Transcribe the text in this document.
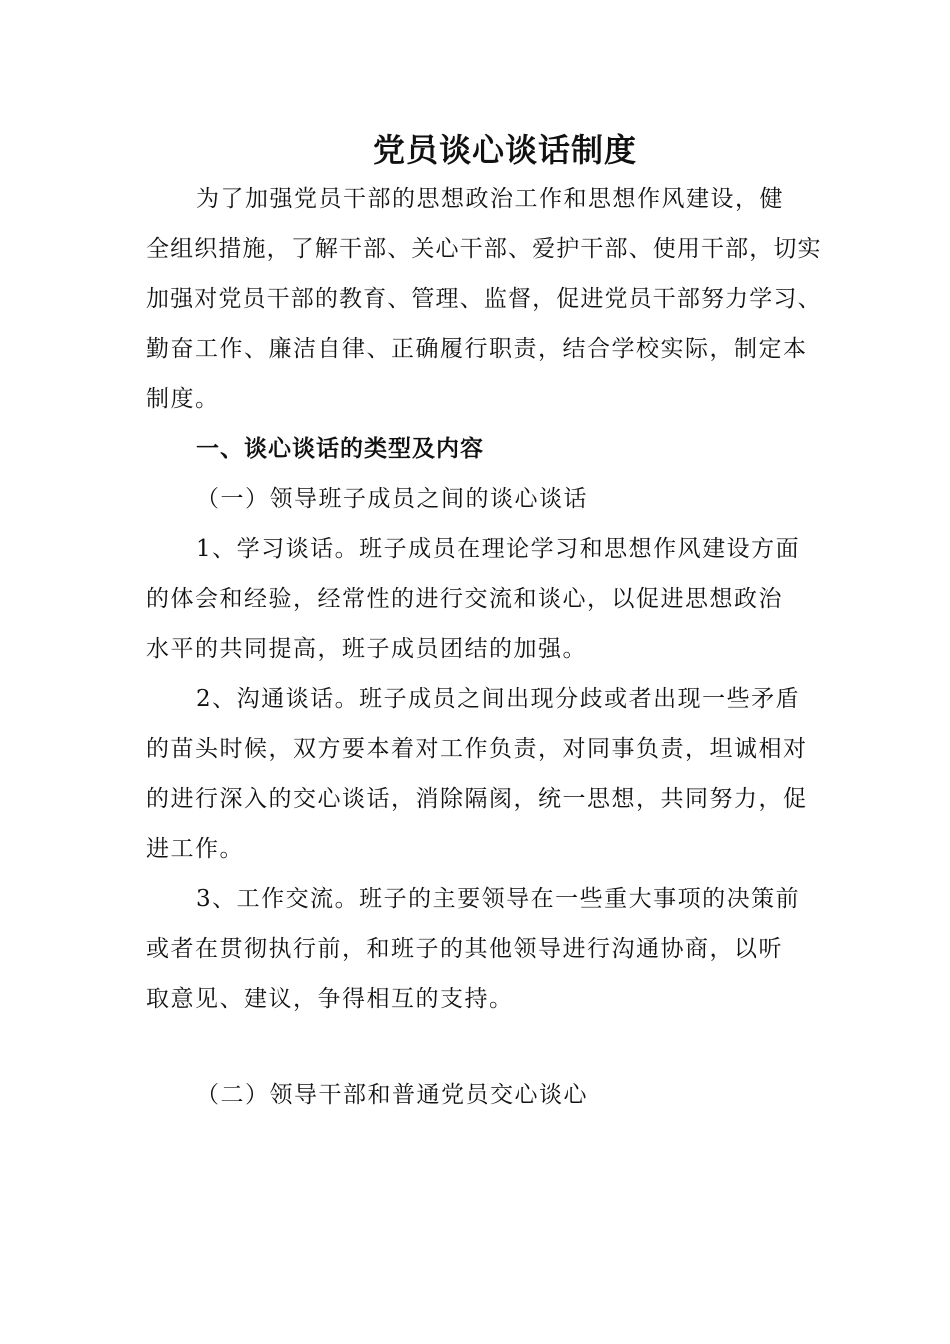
党员谈心谈话制度

为了加强党员干部的思想政治工作和思想作风建设，健

全组织措施，了解干部、关心干部、爱护干部、使用干部，切实

加强对党员干部的教育、管理、监督，促进党员干部努力学习、

勤奋工作、廉洁自律、正确履行职责，结合学校实际，制定本

制度。

一、谈心谈话的类型及内容

（一）领导班子成员之间的谈心谈话

1、学习谈话。班子成员在理论学习和思想作风建设方面

的体会和经验，经常性的进行交流和谈心，以促进思想政治

水平的共同提高，班子成员团结的加强。

2、沟通谈话。班子成员之间出现分歧或者出现一些矛盾

的苗头时候，双方要本着对工作负责，对同事负责，坦诚相对

的进行深入的交心谈话，消除隔阂，统一思想，共同努力，促

进工作。

3、工作交流。班子的主要领导在一些重大事项的决策前

或者在贯彻执行前，和班子的其他领导进行沟通协商，以听

取意见、建议，争得相互的支持。

（二）领导干部和普通党员交心谈心
